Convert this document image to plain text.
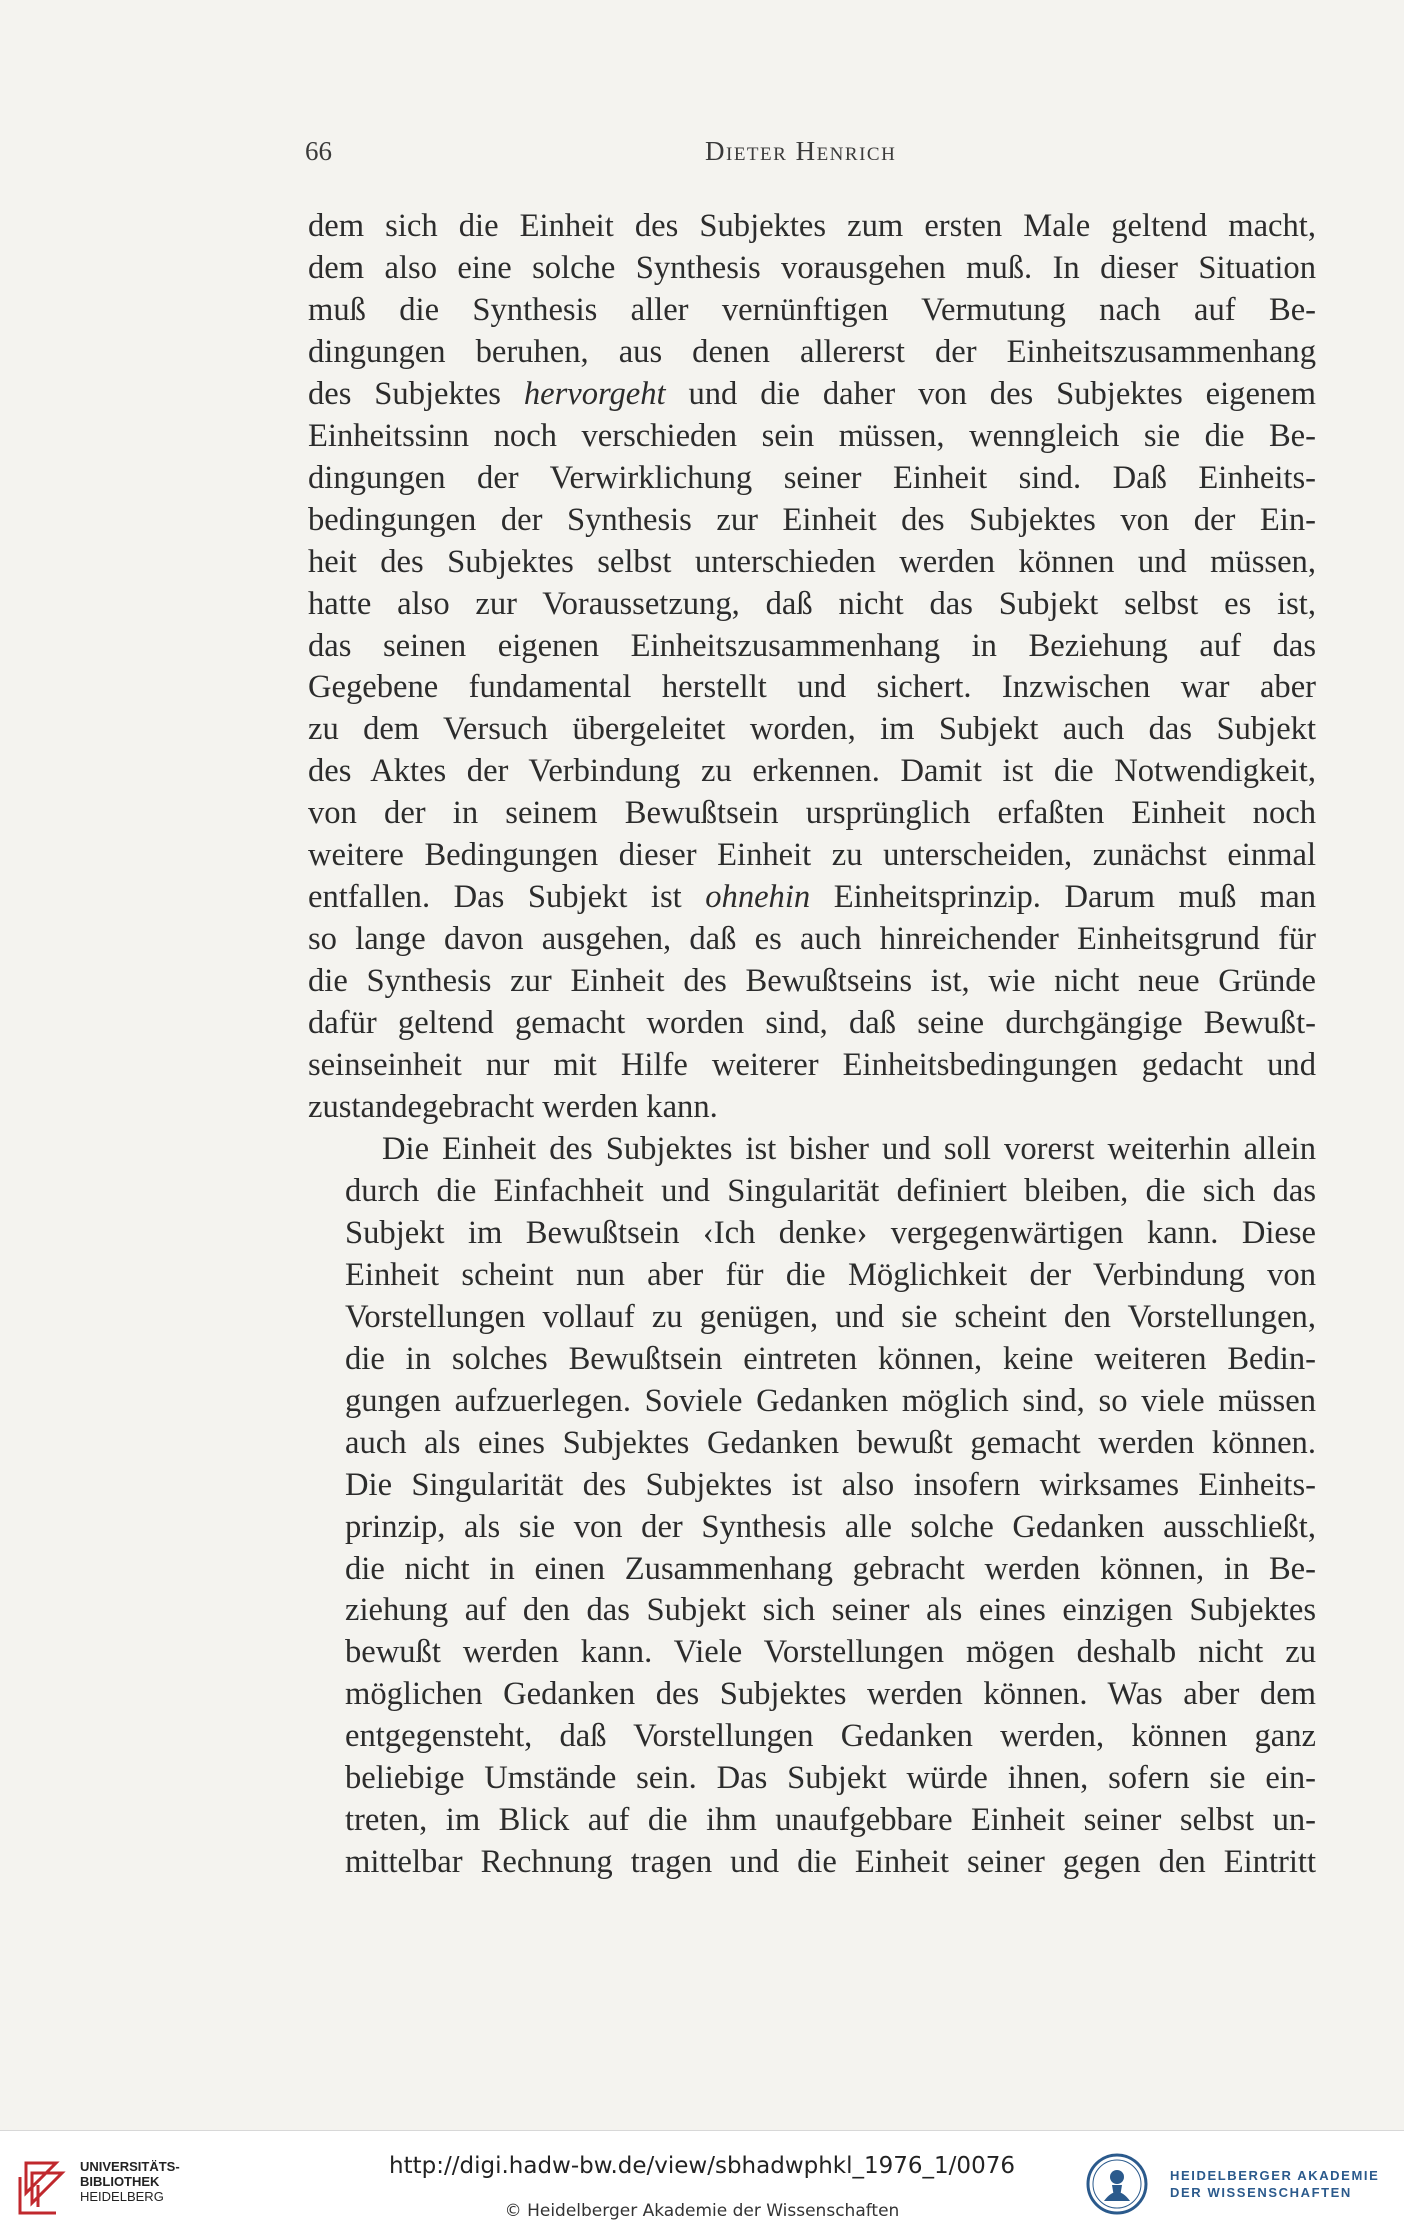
66	Dieter Henrich

dem sich die Einheit des Subjektes zum ersten Male geltend macht,
dem also eine solche Synthesis vorausgehen muß. In dieser Situation
muß die Synthesis aller vernünftigen Vermutung nach auf Be-
dingungen beruhen, aus denen allererst der Einheitszusammenhang
des Subjektes hervorgeht und die daher von des Subjektes eigenem
Einheitssinn noch verschieden sein müssen, wenngleich sie die Be-
dingungen der Verwirklichung seiner Einheit sind. Daß Einheits-
bedingungen der Synthesis zur Einheit des Subjektes von der Ein-
heit des Subjektes selbst unterschieden werden können und müssen,
hatte also zur Voraussetzung, daß nicht das Subjekt selbst es ist,
das seinen eigenen Einheitszusammenhang in Beziehung auf das
Gegebene fundamental herstellt und sichert. Inzwischen war aber
zu dem Versuch übergeleitet worden, im Subjekt auch das Subjekt
des Aktes der Verbindung zu erkennen. Damit ist die Notwendigkeit,
von der in seinem Bewußtsein ursprünglich erfaßten Einheit noch
weitere Bedingungen dieser Einheit zu unterscheiden, zunächst einmal
entfallen. Das Subjekt ist ohnehin Einheitsprinzip. Darum muß man
so lange davon ausgehen, daß es auch hinreichender Einheitsgrund für
die Synthesis zur Einheit des Bewußtseins ist, wie nicht neue Gründe
dafür geltend gemacht worden sind, daß seine durchgängige Bewußt-
seinseinheit nur mit Hilfe weiterer Einheitsbedingungen gedacht und
zustandegebracht werden kann.

Die Einheit des Subjektes ist bisher und soll vorerst weiterhin allein
durch die Einfachheit und Singularität definiert bleiben, die sich das
Subjekt im Bewußtsein ‹Ich denke› vergegenwärtigen kann. Diese
Einheit scheint nun aber für die Möglichkeit der Verbindung von
Vorstellungen vollauf zu genügen, und sie scheint den Vorstellungen,
die in solches Bewußtsein eintreten können, keine weiteren Bedin-
gungen aufzuerlegen. Soviele Gedanken möglich sind, so viele müssen
auch als eines Subjektes Gedanken bewußt gemacht werden können.
Die Singularität des Subjektes ist also insofern wirksames Einheits-
prinzip, als sie von der Synthesis alle solche Gedanken ausschließt,
die nicht in einen Zusammenhang gebracht werden können, in Be-
ziehung auf den das Subjekt sich seiner als eines einzigen Subjektes
bewußt werden kann. Viele Vorstellungen mögen deshalb nicht zu
möglichen Gedanken des Subjektes werden können. Was aber dem
entgegensteht, daß Vorstellungen Gedanken werden, können ganz
beliebige Umstände sein. Das Subjekt würde ihnen, sofern sie ein-
treten, im Blick auf die ihm unaufgebbare Einheit seiner selbst un-
mittelbar Rechnung tragen und die Einheit seiner gegen den Eintritt

UNIVERSITÄTS-
BIBLIOTHEK
HEIDELBERG
http://digi.hadw-bw.de/view/sbhadwphkl_1976_1/0076
© Heidelberger Akademie der Wissenschaften
HEIDELBERGER AKADEMIE
DER WISSENSCHAFTEN
